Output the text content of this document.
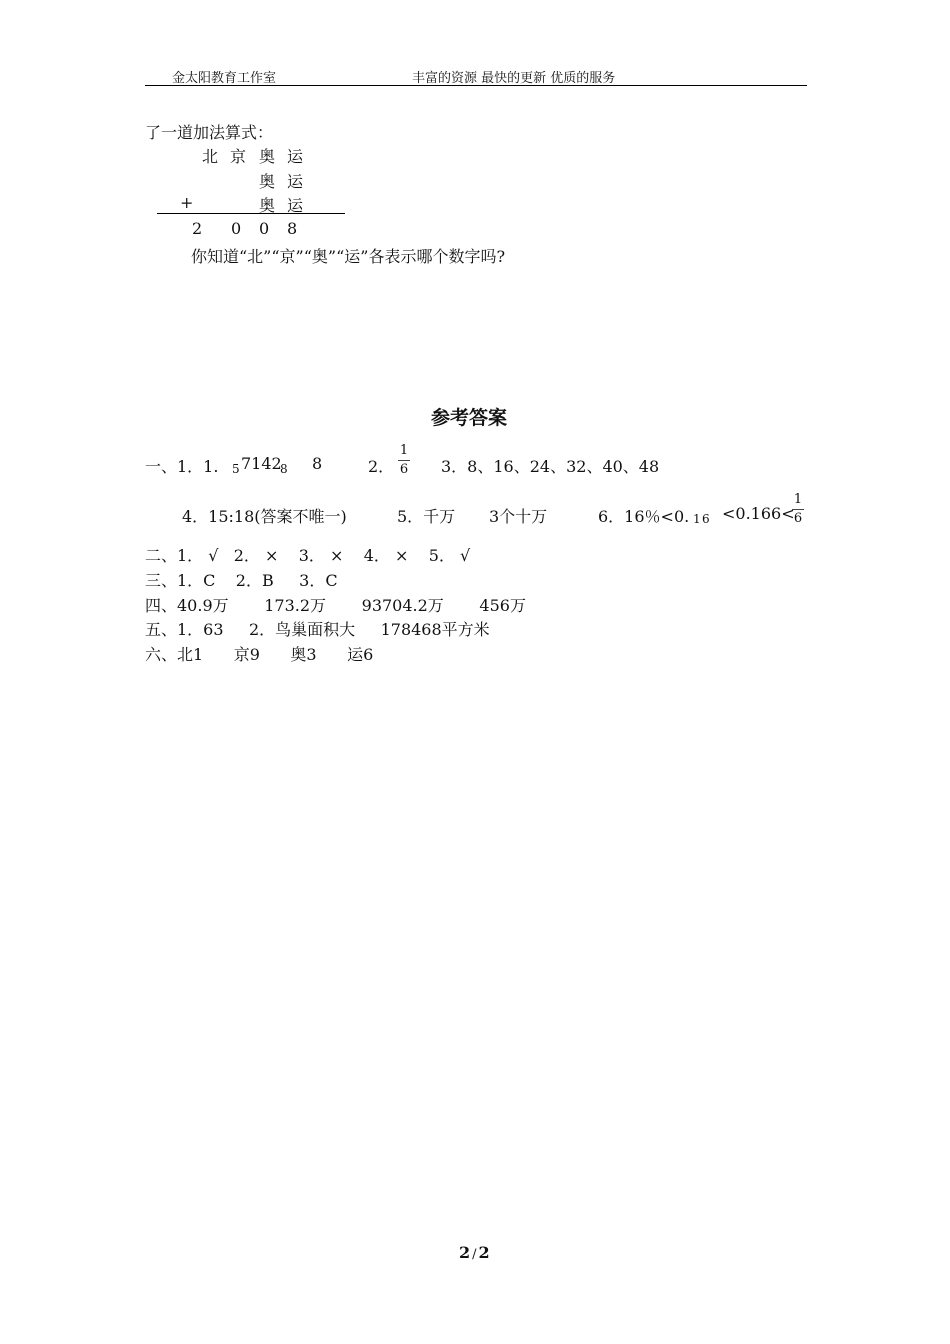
金太阳教育工作室	丰富的资源 最快的更新 优质的服务
了一道加法算式：
北 京 奥 运
奥 运
+	奥 运
2 0 0 8
你知道“北”“京”“奥”“运”各表示哪个数字吗?
参考答案
一、1．1. 5 7142
8 8	2．
1
6 3．8、16、24、32、40、48
4．15:18(答案不唯一)	5．千万 3个十万	6．16％<0. 1 6 <0.166<
1
6
二、1． √   2． ×    3． ×    4． ×    5． √
三、1．C    2．B     3．C
四、40.9万       173.2万       93704.2万       456万
五、1．63     2．鸟巢面积大     178468平方米
六、北1      京9      奥3      运6
2 / 2
